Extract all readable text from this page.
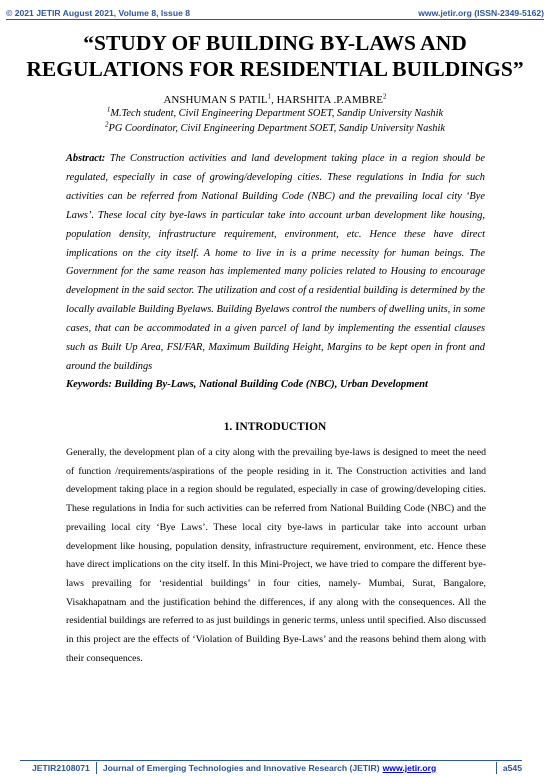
© 2021 JETIR August 2021, Volume 8, Issue 8	www.jetir.org (ISSN-2349-5162)
“STUDY OF BUILDING BY-LAWS AND
REGULATIONS FOR RESIDENTIAL BUILDINGS”
ANSHUMAN S PATIL$^1$, HARSHITA .P.AMBRE$^2$
$^1$M.Tech student, Civil Engineering Department SOET, Sandip University Nashik
$^2$PG Coordinator, Civil Engineering Department SOET, Sandip University Nashik

Abstract: The Construction activities and land development taking place in a region should be regulated, especially in case of growing/developing cities. These regulations in India for such activities can be referred from National Building Code (NBC) and the prevailing local city ‘Bye Laws’. These local city bye-laws in particular take into account urban development like housing, population density, infrastructure requirement, environment, etc. Hence these have direct implications on the city itself. A home to live in is a prime necessity for human beings. The Government for the same reason has implemented many policies related to Housing to encourage development in the said sector. The utilization and cost of a residential building is determined by the locally available Building Byelaws. Building Byelaws control the numbers of dwelling units, in some cases, that can be accommodated in a given parcel of land by implementing the essential clauses such as Built Up Area, FSI/FAR, Maximum Building Height, Margins to be kept open in front and around the buildings

Keywords: Building By-Laws, National Building Code (NBC), Urban Development

1. INTRODUCTION

Generally, the development plan of a city along with the prevailing bye-laws is designed to meet the need of function /requirements/aspirations of the people residing in it. The Construction activities and land development taking place in a region should be regulated, especially in case of growing/developing cities. These regulations in India for such activities can be referred from National Building Code (NBC) and the prevailing local city ‘Bye Laws’. These local city bye-laws in particular take into account urban development like housing, population density, infrastructure requirement, environment, etc. Hence these have direct implications on the city itself. In this Mini-Project, we have tried to compare the different bye-laws prevailing for ‘residential buildings’ in four cities, namely- Mumbai, Surat, Bangalore, Visakhapatnam and the justification behind the differences, if any along with the consequences. All the residential buildings are referred to as just buildings in generic terms, unless until specified. Also discussed in this project are the effects of ‘Violation of Building Bye-Laws’ and the reasons behind them along with their consequences.

JETIR2108071 Journal of Emerging Technologies and Innovative Research (JETIR) www.jetir.org	a545
